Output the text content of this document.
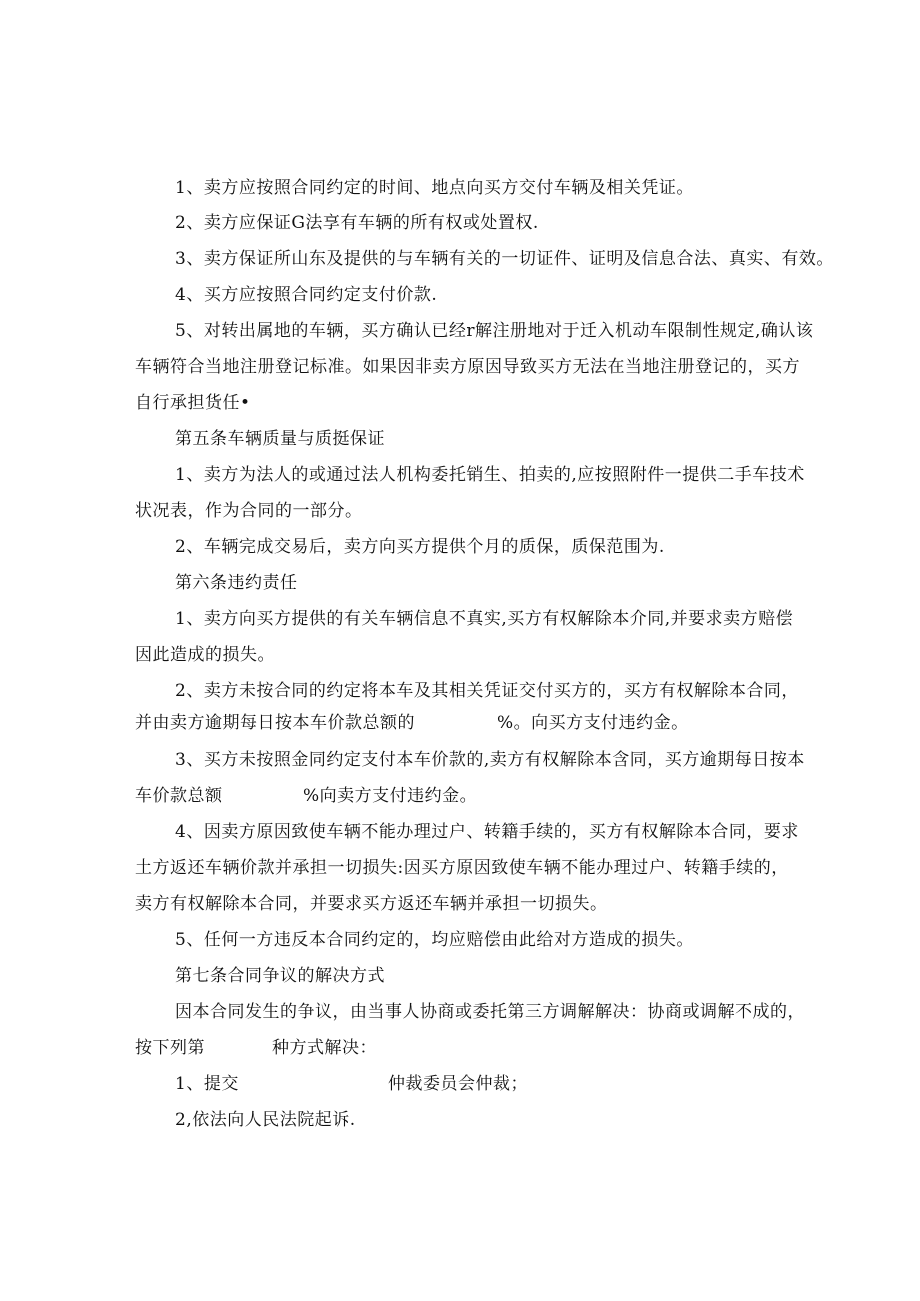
1、卖方应按照合同约定的时间、地点向买方交付车辆及相关凭证。
2、卖方应保证G法享有车辆的所有权或处置权.
3、卖方保证所山东及提供的与车辆有关的一切证件、证明及信息合法、真实、有效。
4、买方应按照合同约定支付价款.
5、对转出属地的车辆，买方确认已经r解注册地对于迁入机动车限制性规定,确认该
车辆符合当地注册登记标准。如果因非卖方原因导致买方无法在当地注册登记的，买方
自行承担货任•
第五条车辆质量与质挺保证
1、卖方为法人的或通过法人机构委托销生、拍卖的,应按照附件一提供二手车技术
状况表，作为合同的一部分。
2、车辆完成交易后，卖方向买方提供个月的质保，质保范围为.
第六条违约责任
1、卖方向买方提供的有关车辆信息不真实,买方有权解除本介同,并要求卖方赔偿
因此造成的损失。
2、卖方未按合同的约定将本车及其相关凭证交付买方的，买方有权解除本合同，
并由卖方逾期每日按本车价款总额的	%。向买方支付违约金。
3、买方未按照金同约定支付本车价款的,卖方有权解除本含同，买方逾期每日按本
车价款总额	%向卖方支付违约金。
4、因卖方原因致使车辆不能办理过户、转籍手续的，买方有权解除本合同，要求
土方返还车辆价款并承担一切损失:因买方原因致使车辆不能办理过户、转籍手续的，
卖方有权解除本合同，并要求买方返还车辆并承担一切损失。
5、任何一方违反本合同约定的，均应赔偿由此给对方造成的损失。
第七条合同争议的解决方式
因本合同发生的争议，由当事人协商或委托第三方调解解决：协商或调解不成的，
按下列第	种方式解决：
1、提交	仲裁委员会仲裁；
2,依法向人民法院起诉.
